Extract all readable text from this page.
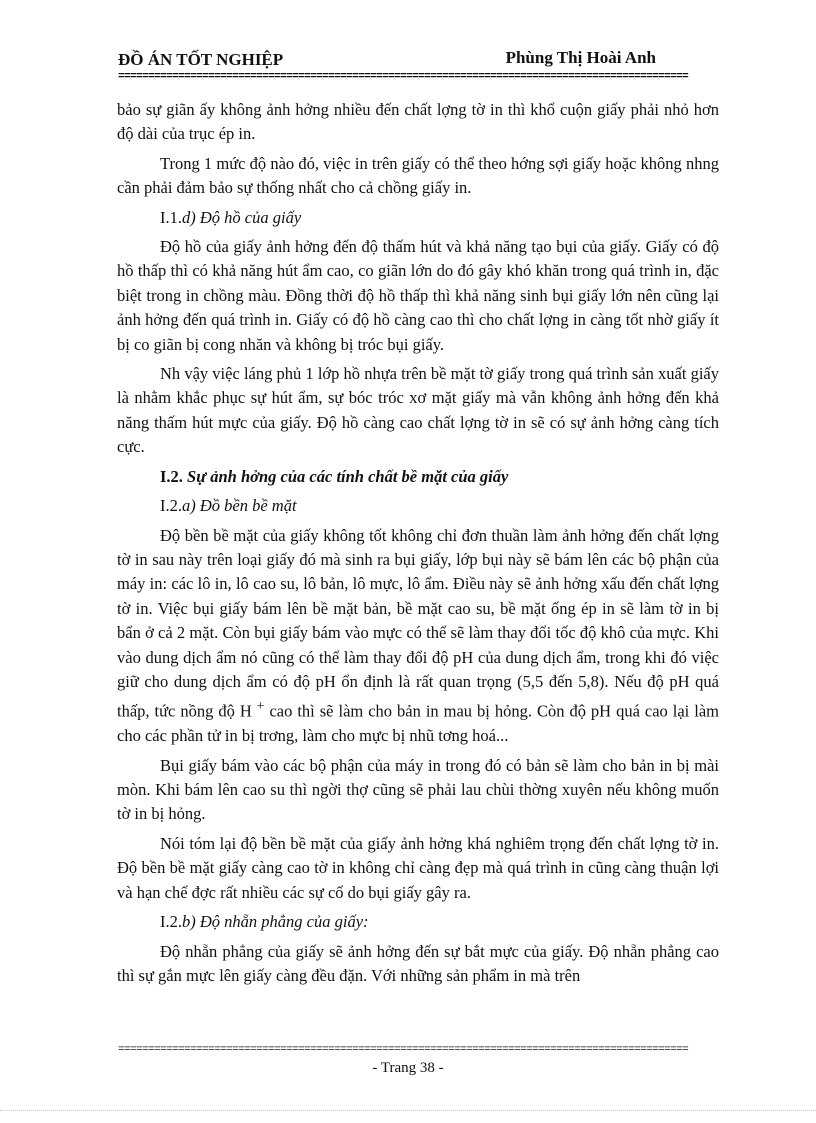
ĐỒ ÁN TỐT NGHIỆP	Phùng Thị Hoài Anh
===============================================================================================

bảo sự giãn ấy không ảnh hởng nhiều đến chất lợng tờ in thì khổ cuộn giấy phải nhỏ hơn độ dài của trục ép in.

Trong 1 mức độ nào đó, việc in trên giấy có thể theo hớng sợi giấy hoặc không nhng cần phải đảm bảo sự thống nhất cho cả chồng giấy in.

I.1.d) Độ hồ của giấy

Độ hồ của giấy ảnh hởng đến độ thấm hút và khả năng tạo bụi của giấy. Giấy có độ hồ thấp thì có khả năng hút ẩm cao, co giãn lớn do đó gây khó khăn trong quá trình in, đặc biệt trong in chồng màu. Đồng thời độ hồ thấp thì khả năng sinh bụi giấy lớn nên cũng lại ảnh hởng đến quá trình in. Giấy có độ hồ càng cao thì cho chất lợng in càng tốt nhờ giấy ít bị co giãn bị cong nhăn và không bị tróc bụi giấy.

Nh vậy việc láng phủ 1 lớp hồ nhựa trên bề mặt tờ giấy trong quá trình sản xuất giấy là nhằm khắc phục sự hút ẩm, sự bóc tróc xơ mặt giấy mà vẫn không ảnh hởng đến khả năng thấm hút mực của giấy. Độ hồ càng cao chất lợng tờ in sẽ có sự ảnh hởng càng tích cực.

I.2. Sự ảnh hởng của các tính chất bề mặt của giấy

I.2.a) Đồ bền bề mặt

Độ bền bề mặt của giấy không tốt không chỉ đơn thuần làm ảnh hởng đến chất lợng tờ in sau này trên loại giấy đó mà sinh ra bụi giấy, lớp bụi này sẽ bám lên các bộ phận của máy in: các lô in, lô cao su, lô bản, lô mực, lô ẩm. Điều này sẽ ảnh hởng xấu đến chất lợng tờ in. Việc bụi giấy bám lên bề mặt bản, bề mặt cao su, bề mặt ống ép in sẽ làm tờ in bị bẩn ở cả 2 mặt. Còn bụi giấy bám vào mực có thể sẽ làm thay đổi tốc độ khô của mực. Khi vào dung dịch ẩm nó cũng có thể làm thay đổi độ pH của dung dịch ẩm, trong khi đó việc giữ cho dung dịch ẩm có độ pH ổn định là rất quan trọng (5,5 đến 5,8). Nếu độ pH quá thấp, tức nồng độ H + cao thì sẽ làm cho bản in mau bị hỏng. Còn độ pH quá cao lại làm cho các phần tử in bị trơng, làm cho mực bị nhũ tơng hoá...

Bụi giấy bám vào các bộ phận của máy in trong đó có bản sẽ làm cho bản in bị mài mòn. Khi bám lên cao su thì ngời thợ cũng sẽ phải lau chùi thờng xuyên nếu không muốn tờ in bị hỏng.

Nói tóm lại độ bền bề mặt của giấy ảnh hởng khá nghiêm trọng đến chất lợng tờ in. Độ bền bề mặt giấy càng cao tờ in không chỉ càng đẹp mà quá trình in cũng càng thuận lợi và hạn chế đợc rất nhiều các sự cố do bụi giấy gây ra.

I.2.b) Độ nhẵn phẳng của giấy:

Độ nhẵn phẳng của giấy sẽ ảnh hởng đến sự bắt mực của giấy. Độ nhẵn phẳng cao thì sự gắn mực lên giấy càng đều đặn. Với những sản phẩm in mà trên

===============================================================================================
- Trang 38 -
